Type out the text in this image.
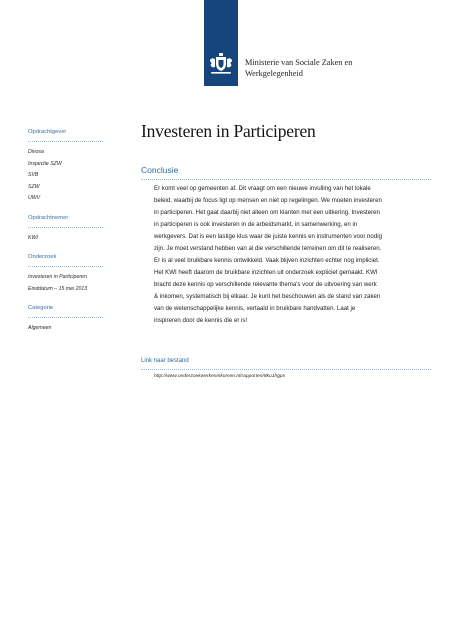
Ministerie van Sociale Zaken en
Werkgelegenheid
Opdrachtgever
Divosa
Inspectie SZW
SVB
SZW
UWV
Opdrachtnemer
KWI
Onderzoek
Investeren in Participeren
Einddatum – 15 mei 2013
Categorie
Algemeen
Investeren in Participeren
Conclusie
Er komt veel op gemeenten af. Dit vraagt om een nieuwe invulling van het lokale
beleid, waarbij de focus ligt op mensen en niet op regelingen. We moeten investeren
in participeren. Het gaat daarbij niet alleen om klanten met een uitkering. Investeren
in participeren is ook investeren in de arbeidsmarkt, in samenwerking, en in
werkgevers. Dat is een lastige klus waar de juiste kennis en instrumenten voor nodig
zijn. Je moet verstand hebben van al die verschillende terreinen om dit te realiseren.
Er is al veel bruikbare kennis ontwikkeld. Vaak blijven inzichten echter nog impliciet.
Het KWI heeft daarom de bruikbare inzichten uit onderzoek expliciet gemaakt. KWI
bracht deze kennis op verschillende relevante thema's voor de uitvoering van werk
& inkomen, systematisch bij elkaar. Je kunt het beschouwen als de stand van zaken
van de wetenschappelijke kennis, vertaald in bruikbare handvatten. Laat je
inspireren door de kennis die er is!
Link naar bestand
http://www.onderzoekwerkeninkomen.nl/rapporten/8ku1hgpx
